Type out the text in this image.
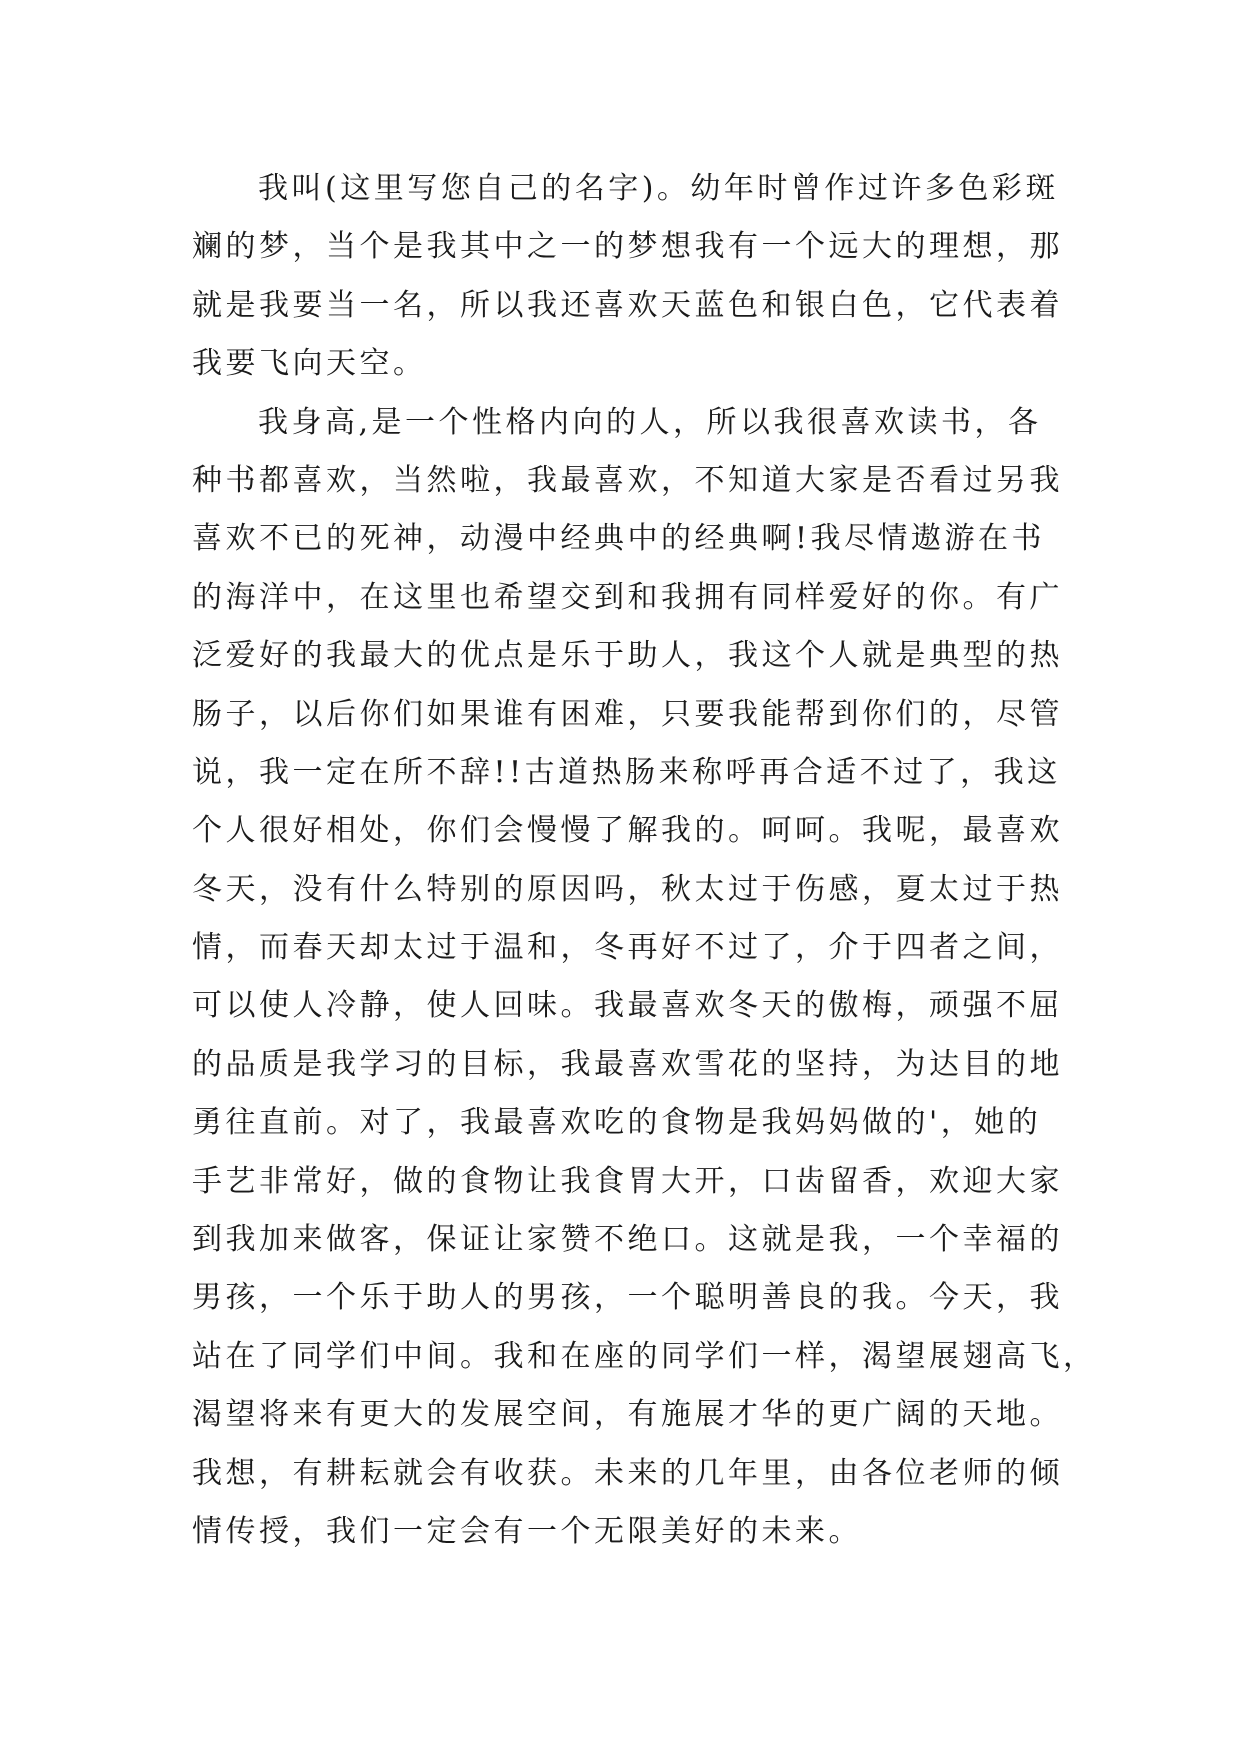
我叫(这里写您自己的名字)。幼年时曾作过许多色彩斑
斓的梦，当个是我其中之一的梦想我有一个远大的理想，那
就是我要当一名，所以我还喜欢天蓝色和银白色，它代表着
我要飞向天空。
我身高,是一个性格内向的人，所以我很喜欢读书，各
种书都喜欢，当然啦，我最喜欢，不知道大家是否看过另我
喜欢不已的死神，动漫中经典中的经典啊!我尽情遨游在书
的海洋中，在这里也希望交到和我拥有同样爱好的你。有广
泛爱好的我最大的优点是乐于助人，我这个人就是典型的热
肠子，以后你们如果谁有困难，只要我能帮到你们的，尽管
说，我一定在所不辞!!古道热肠来称呼再合适不过了，我这
个人很好相处，你们会慢慢了解我的。呵呵。我呢，最喜欢
冬天，没有什么特别的原因吗，秋太过于伤感，夏太过于热
情，而春天却太过于温和，冬再好不过了，介于四者之间，
可以使人冷静，使人回味。我最喜欢冬天的傲梅，顽强不屈
的品质是我学习的目标，我最喜欢雪花的坚持，为达目的地
勇往直前。对了，我最喜欢吃的食物是我妈妈做的'，她的
手艺非常好，做的食物让我食胃大开，口齿留香，欢迎大家
到我加来做客，保证让家赞不绝口。这就是我，一个幸福的
男孩，一个乐于助人的男孩，一个聪明善良的我。今天，我
站在了同学们中间。我和在座的同学们一样，渴望展翅高飞，
渴望将来有更大的发展空间，有施展才华的更广阔的天地。
我想，有耕耘就会有收获。未来的几年里，由各位老师的倾
情传授，我们一定会有一个无限美好的未来。
